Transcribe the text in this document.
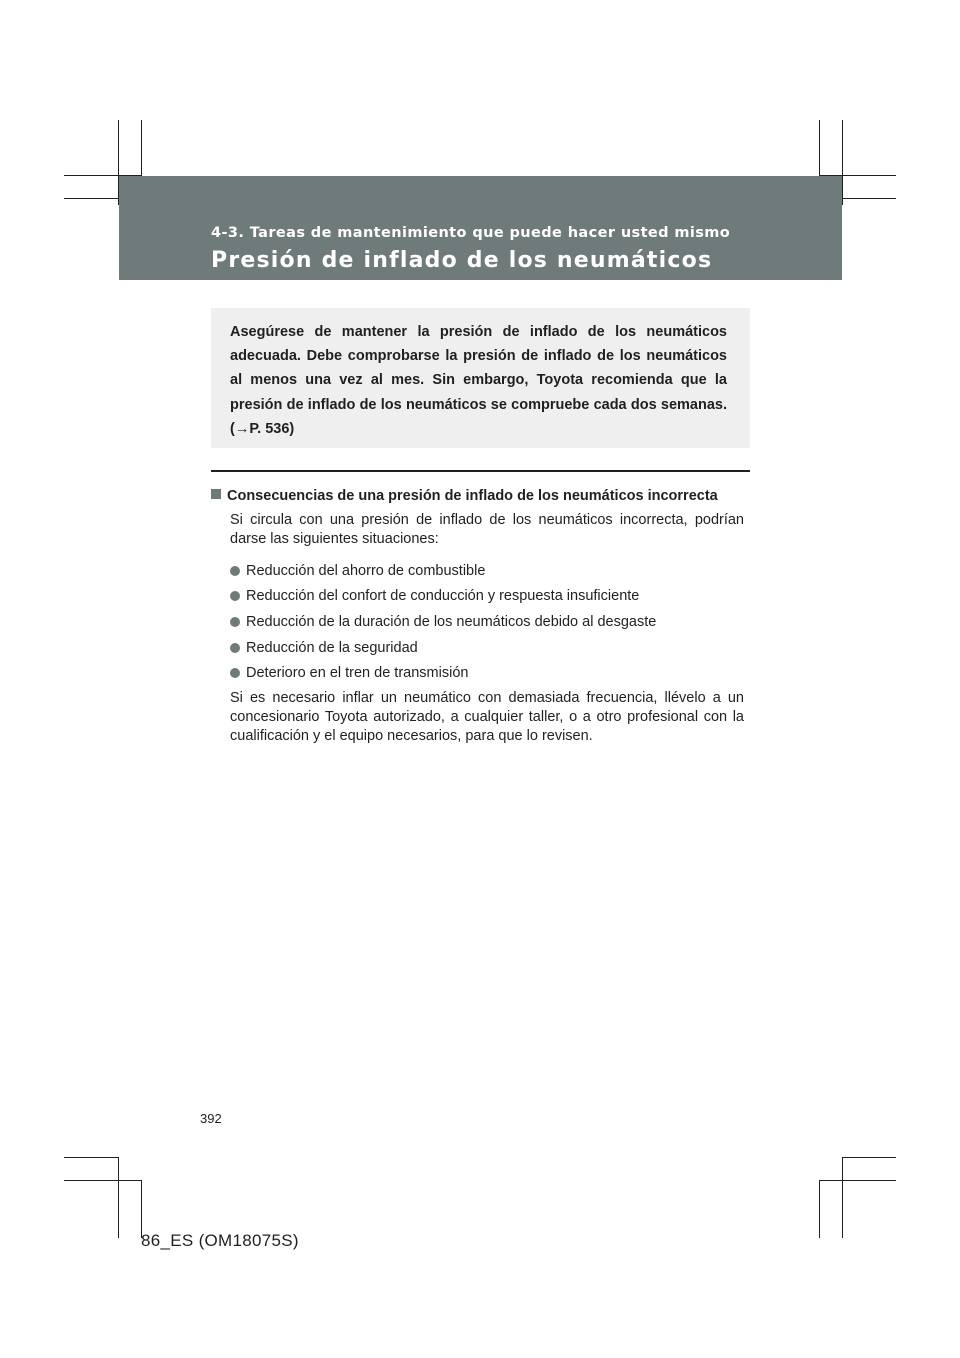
4-3. Tareas de mantenimiento que puede hacer usted mismo
Presión de inflado de los neumáticos

Asegúrese de mantener la presión de inflado de los neumáticos adecuada. Debe comprobarse la presión de inflado de los neumáticos al menos una vez al mes. Sin embargo, Toyota recomienda que la presión de inflado de los neumáticos se compruebe cada dos semanas. (→P. 536)

Consecuencias de una presión de inflado de los neumáticos incorrecta

Si circula con una presión de inflado de los neumáticos incorrecta, podrían darse las siguientes situaciones:

Reducción del ahorro de combustible
Reducción del confort de conducción y respuesta insuficiente
Reducción de la duración de los neumáticos debido al desgaste
Reducción de la seguridad
Deterioro en el tren de transmisión

Si es necesario inflar un neumático con demasiada frecuencia, llévelo a un concesionario Toyota autorizado, a cualquier taller, o a otro profesional con la cualificación y el equipo necesarios, para que lo revisen.

392
86_ES (OM18075S)
